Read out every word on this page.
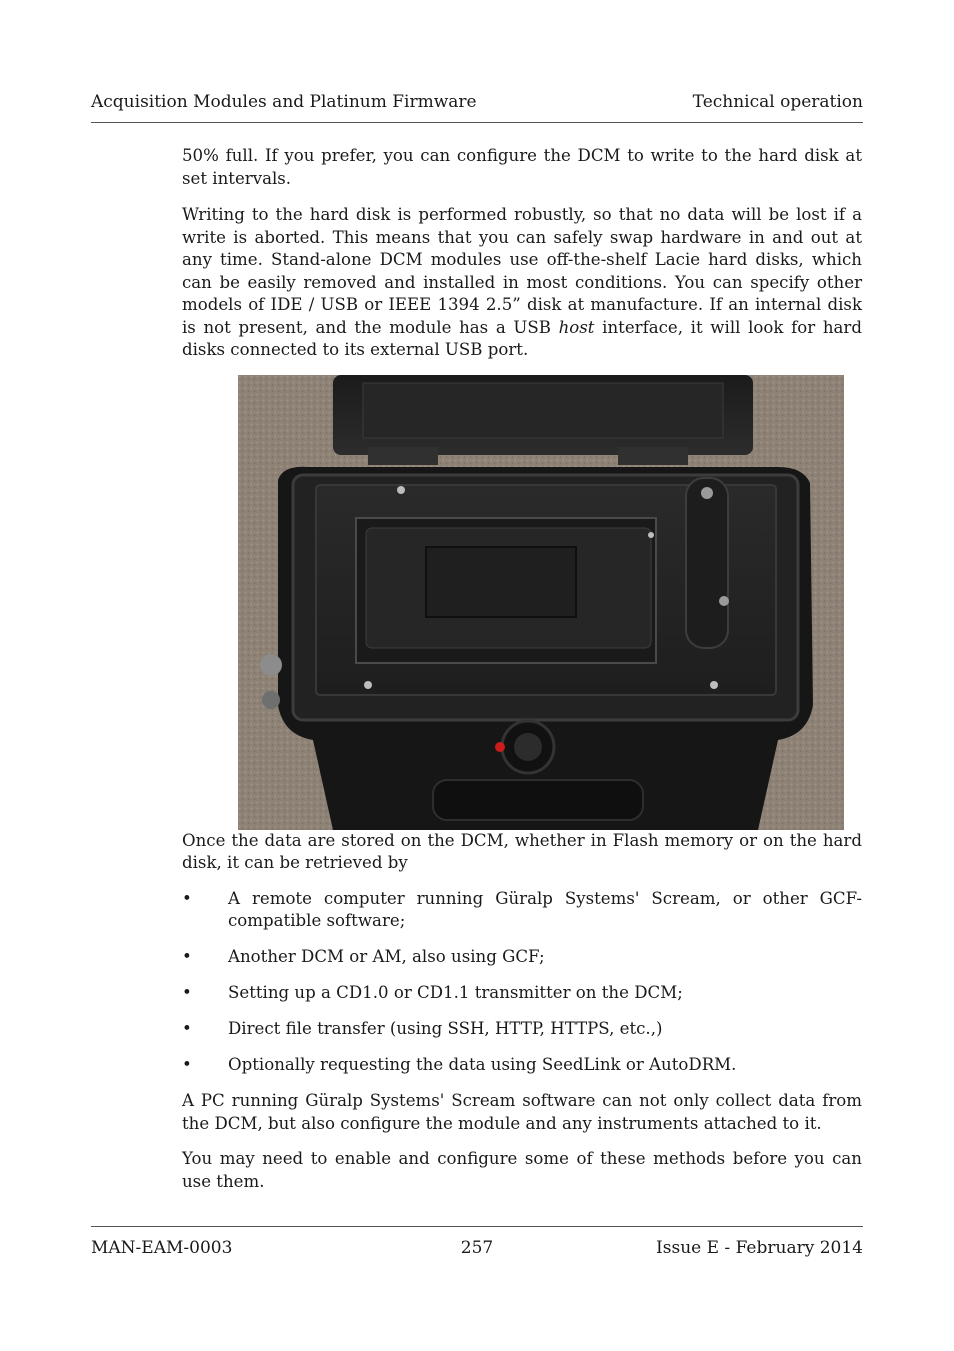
Acquisition Modules and Platinum Firmware	Technical operation

50% full. If you prefer, you can configure the DCM to write to the hard disk at set intervals.

Writing to the hard disk is performed robustly, so that no data will be lost if a write is aborted. This means that you can safely swap hardware in and out at any time. Stand-alone DCM modules use off-the-shelf Lacie hard disks, which can be easily removed and installed in most conditions. You can specify other models of IDE / USB or IEEE 1394 2.5” disk at manufacture. If an internal disk is not present, and the module has a USB host interface, it will look for hard disks connected to its external USB port.

Once the data are stored on the DCM, whether in Flash memory or on the hard disk, it can be retrieved by

• A remote computer running Güralp Systems' Scream, or other GCF-compatible software;
• Another DCM or AM, also using GCF;
• Setting up a CD1.0 or CD1.1 transmitter on the DCM;
• Direct file transfer (using SSH, HTTP, HTTPS, etc.,)
• Optionally requesting the data using SeedLink or AutoDRM.

A PC running Güralp Systems' Scream software can not only collect data from the DCM, but also configure the module and any instruments attached to it.

You may need to enable and configure some of these methods before you can use them.

MAN-EAM-0003	257	Issue E - February 2014
